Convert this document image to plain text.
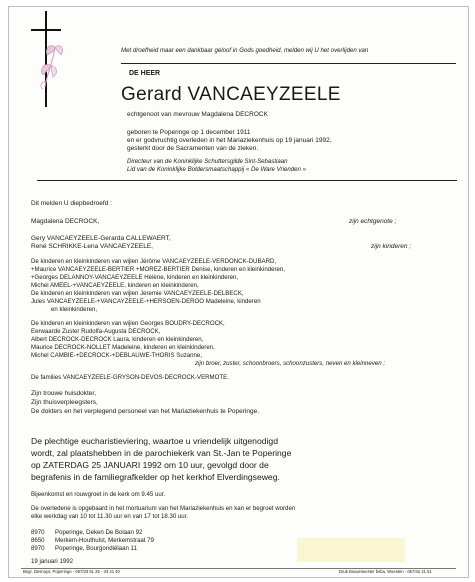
Met droefheid maar een dankbaar geloof in Gods goedheid, melden wij U het overlijden van
DE HEER
Gerard VANCAEYZEELE
echtgenoot van mevrouw Magdalena DECROCK
geboren te Poperinge op 1 december 1911
en er godvruchtig overleden in het Mariaziekenhuis op 19 januari 1992,
gesterkt door de Sacramenten van de zieken.
Directeur van de Koninklijke Schuttersgilde Sint-Sebastiaan
Lid van de Koninklijke Boldersmaatschappij « De Ware Vrienden »
Dit melden U diepbedroefd :
Magdalena DECROCK,	zijn echtgenote ;
Gery VANCAEYZEELE-Gerarda CALLEWAERT,
René SCHRIKKE-Lena VANCAEYZEELE,	zijn kinderen ;
De kinderen en kleinkinderen van wijlen Jérôme VANCAEYZEELE-VERDONCK-DUBARD,
+Maurice VANCAEYZEELE-BERTIER +MOREZ-BERTIER Denise, kinderen en kleinkinderen,
+Georges DELANNOY-VANCAEYZEELE Hélène, kinderen en kleinkinderen,
Michel AMEEL-+VANCAEYZEELE, kinderen en kleinkinderen,
De kinderen en kleinkinderen van wijlen Jeremie VANCAEYZEELE-DELBECK,
Jules VANCAEYZEELE-+VANCAYZEELE-+HERSOEN-DEROO Madeleine, kinderen
en kleinkinderen,
De kinderen en kleinkinderen van wijlen Georges BOUDRY-DECROCK,
Eerwaarde Zuster Rudolfa-Augusta DECROCK,
Albert DECROCK-DECROCK Laura, kinderen en kleinkinderen,
Maurice DECROCK-NOLLET Madeleine, kinderen en kleinkinderen,
Michel CAMBIE-+DECROCK-+DEBLAUWE-THORIS Suzanne,
zijn broer, zuster, schoonbroers, schoonzusters, neven en kleinneven ;
De families VANCAEYZEELE-GRYSON-DEVOS-DECROCK-VERMOTE.
Zijn trouwe huisdokter,
Zijn thuisverpleegsters,
De dokters en het verplegend personeel van het Mariaziekenhuis te Poperinge.
De plechtige eucharistieviering, waartoe u vriendelijk uitgenodigd
wordt, zal plaatshebben in de parochiekerk van St.-Jan te Poperinge
op ZATERDAG 25 JANUARI 1992 om 10 uur, gevolgd door de
begrafenis in de familiegrafkelder op het kerkhof Elverdingseweg.
Bijeenkomst en rouwgroet in de kerk om 9.45 uur.
De overledene is opgebaard in het mortuarium van het Mariaziekenhuis en kan er begroet worden
elke werkdag van 10 tot 11.30 uur en van 17 tot 18.30 uur.
8970 Poperinge, Deken De Bolaan 92
8650 Merkem-Houthulst, Merkemstraat 79
8970 Poperinge, Bourgondiëlaan 11
19 januari 1992
Begr. Desnuys, Poperinge - 057/33 61 25 - 33 41 40	Druk Bouwmeester bvba, Woesten - 057/42 21 51
